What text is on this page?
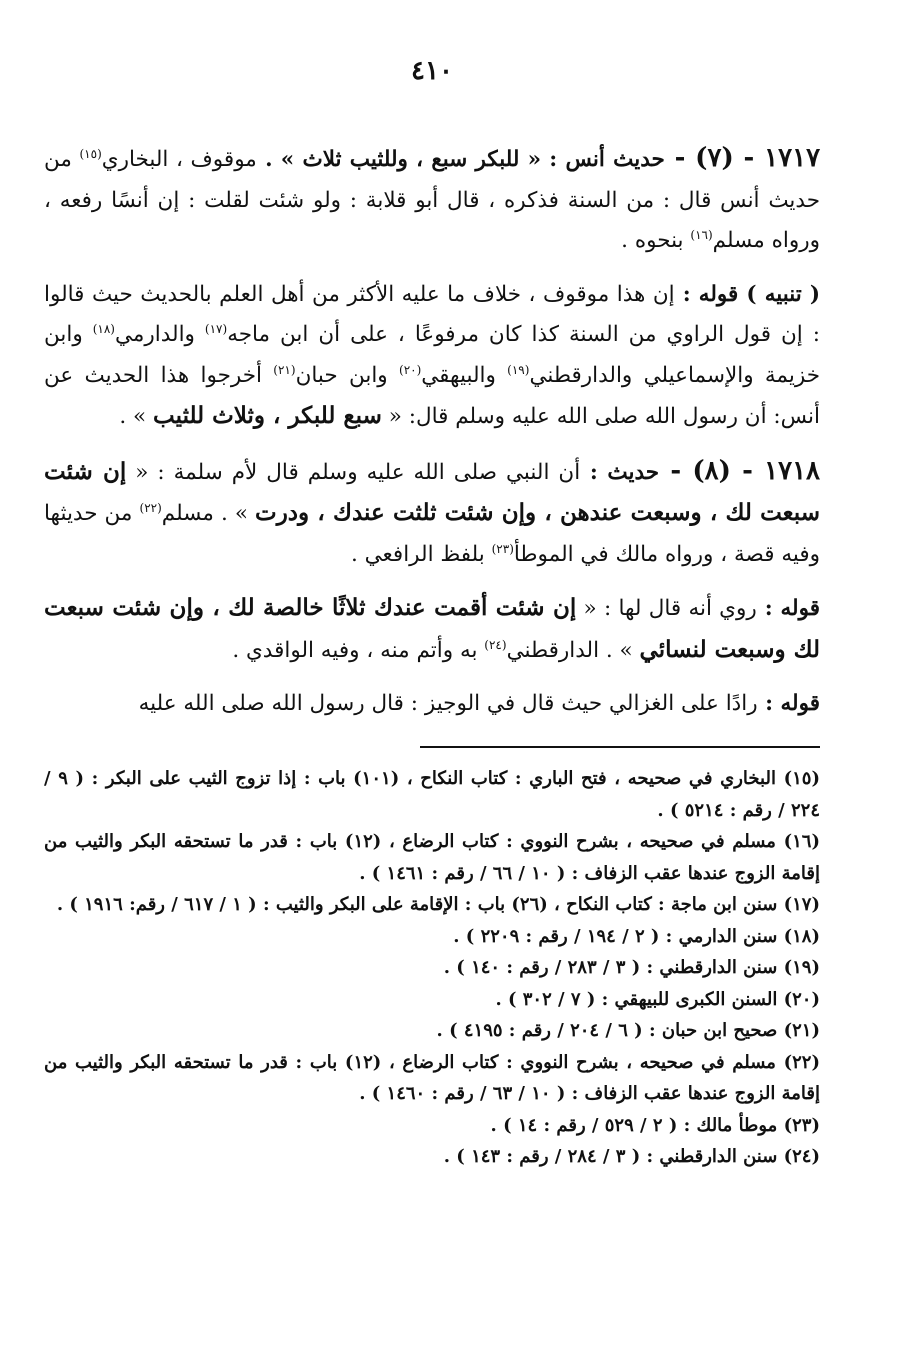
٤١٠

١٧١٧ - (٧) - حديث أنس : « للبكر سبع ، وللثيب ثلاث » . موقوف ، البخاري$^{(١٥)}$ من حديث أنس قال : من السنة فذكره ، قال أبو قلابة : ولو شئت لقلت : إن أنسًا رفعه ، ورواه مسلم$^{(١٦)}$ بنحوه .

( تنبيه ) قوله : إن هذا موقوف ، خلاف ما عليه الأكثر من أهل العلم بالحديث حيث قالوا : إن قول الراوي من السنة كذا كان مرفوعًا ، على أن ابن ماجه$^{(١٧)}$ والدارمي$^{(١٨)}$ وابن خزيمة والإسماعيلي والدارقطني$^{(١٩)}$ والبيهقي$^{(٢٠)}$ وابن حبان$^{(٢١)}$ أخرجوا هذا الحديث عن أنس: أن رسول الله صلى الله عليه وسلم قال: « سبع للبكر ، وثلاث للثيب » .

١٧١٨ - (٨) - حديث : أن النبي صلى الله عليه وسلم قال لأم سلمة : « إن شئت سبعت لك ، وسبعت عندهن ، وإن شئت ثلثت عندك ، ودرت » . مسلم$^{(٢٢)}$ من حديثها وفيه قصة ، ورواه مالك في الموطأ$^{(٢٣)}$ بلفظ الرافعي .

قوله : روي أنه قال لها : « إن شئت أقمت عندك ثلاثًا خالصة لك ، وإن شئت سبعت لك وسبعت لنسائي » . الدارقطني$^{(٢٤)}$ به وأتم منه ، وفيه الواقدي .

قوله : رادًا على الغزالي حيث قال في الوجيز : قال رسول الله صلى الله عليه

(١٥) البخاري في صحيحه ، فتح الباري : كتاب النكاح ، (١٠١) باب : إذا تزوج الثيب على البكر : ( ٩ / ٢٢٤ / رقم : ٥٢١٤ ) .

(١٦) مسلم في صحيحه ، بشرح النووي : كتاب الرضاع ، (١٢) باب : قدر ما تستحقه البكر والثيب من إقامة الزوج عندها عقب الزفاف : ( ١٠ / ٦٦ / رقم : ١٤٦١ ) .

(١٧) سنن ابن ماجة : كتاب النكاح ، (٢٦) باب : الإقامة على البكر والثيب : ( ١ / ٦١٧ / رقم: ١٩١٦ ) .

(١٨) سنن الدارمي : ( ٢ / ١٩٤ / رقم : ٢٢٠٩ ) .

(١٩) سنن الدارقطني : ( ٣ / ٢٨٣ / رقم : ١٤٠ ) .

(٢٠) السنن الكبرى للبيهقي : ( ٧ / ٣٠٢ ) .

(٢١) صحيح ابن حبان : ( ٦ / ٢٠٤ / رقم : ٤١٩٥ ) .

(٢٢) مسلم في صحيحه ، بشرح النووي : كتاب الرضاع ، (١٢) باب : قدر ما تستحقه البكر والثيب من إقامة الزوج عندها عقب الزفاف : ( ١٠ / ٦٣ / رقم : ١٤٦٠ ) .

(٢٣) موطأ مالك : ( ٢ / ٥٢٩ / رقم : ١٤ ) .

(٢٤) سنن الدارقطني : ( ٣ / ٢٨٤ / رقم : ١٤٣ ) .
